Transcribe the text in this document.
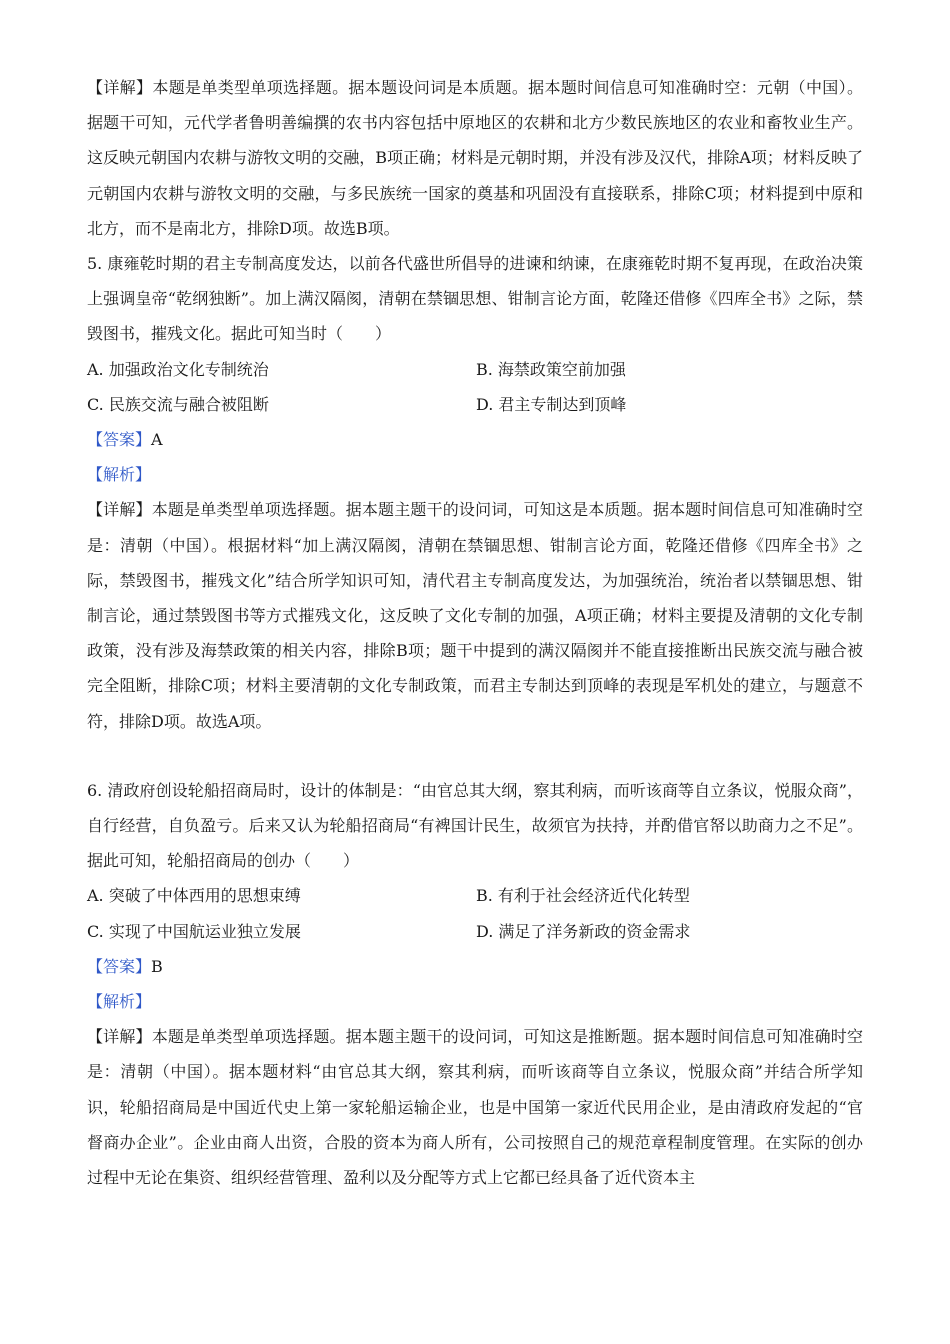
【详解】本题是单类型单项选择题。据本题设问词是本质题。据本题时间信息可知准确时空：元朝（中国）。据题干可知，元代学者鲁明善编撰的农书内容包括中原地区的农耕和北方少数民族地区的农业和畜牧业生产。这反映元朝国内农耕与游牧文明的交融，B项正确；材料是元朝时期，并没有涉及汉代，排除A项；材料反映了元朝国内农耕与游牧文明的交融，与多民族统一国家的奠基和巩固没有直接联系，排除C项；材料提到中原和北方，而不是南北方，排除D项。故选B项。

5. 康雍乾时期的君主专制高度发达，以前各代盛世所倡导的进谏和纳谏，在康雍乾时期不复再现，在政治决策上强调皇帝“乾纲独断”。加上满汉隔阂，清朝在禁锢思想、钳制言论方面，乾隆还借修《四库全书》之际，禁毁图书，摧残文化。据此可知当时（　　）

A. 加强政治文化专制统治	B. 海禁政策空前加强
C. 民族交流与融合被阻断	D. 君主专制达到顶峰

【答案】A

【解析】

【详解】本题是单类型单项选择题。据本题主题干的设问词，可知这是本质题。据本题时间信息可知准确时空是：清朝（中国）。根据材料“加上满汉隔阂，清朝在禁锢思想、钳制言论方面，乾隆还借修《四库全书》之际，禁毁图书，摧残文化”结合所学知识可知，清代君主专制高度发达，为加强统治，统治者以禁锢思想、钳制言论，通过禁毁图书等方式摧残文化，这反映了文化专制的加强，A项正确；材料主要提及清朝的文化专制政策，没有涉及海禁政策的相关内容，排除B项；题干中提到的满汉隔阂并不能直接推断出民族交流与融合被完全阻断，排除C项；材料主要清朝的文化专制政策，而君主专制达到顶峰的表现是军机处的建立，与题意不符，排除D项。故选A项。

6. 清政府创设轮船招商局时，设计的体制是：“由官总其大纲，察其利病，而听该商等自立条议，悦服众商”，自行经营，自负盈亏。后来又认为轮船招商局“有裨国计民生，故须官为扶持，并酌借官帑以助商力之不足”。据此可知，轮船招商局的创办（　　）

A. 突破了中体西用的思想束缚	B. 有利于社会经济近代化转型
C. 实现了中国航运业独立发展	D. 满足了洋务新政的资金需求

【答案】B

【解析】

【详解】本题是单类型单项选择题。据本题主题干的设问词，可知这是推断题。据本题时间信息可知准确时空是：清朝（中国）。据本题材料“由官总其大纲，察其利病，而听该商等自立条议，悦服众商”并结合所学知识，轮船招商局是中国近代史上第一家轮船运输企业，也是中国第一家近代民用企业，是由清政府发起的“官督商办企业”。企业由商人出资，合股的资本为商人所有，公司按照自己的规范章程制度管理。在实际的创办过程中无论在集资、组织经营管理、盈利以及分配等方式上它都已经具备了近代资本主
